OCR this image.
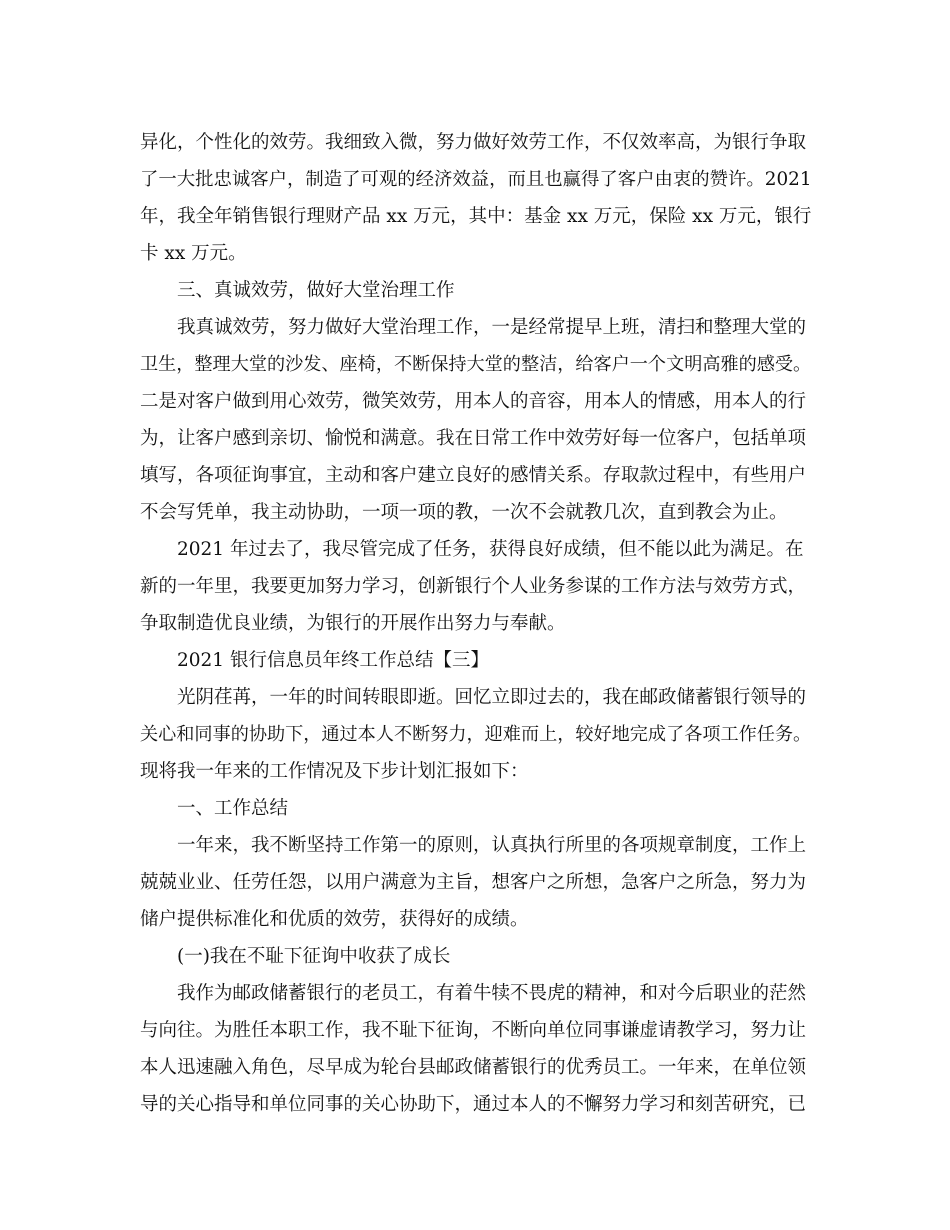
异化，个性化的效劳。我细致入微，努力做好效劳工作，不仅效率高，为银行争取

了一大批忠诚客户，制造了可观的经济效益，而且也赢得了客户由衷的赞许。2021

年，我全年销售银行理财产品 xx 万元，其中：基金 xx 万元，保险 xx 万元，银行

卡 xx 万元。

三、真诚效劳，做好大堂治理工作

我真诚效劳，努力做好大堂治理工作，一是经常提早上班，清扫和整理大堂的

卫生，整理大堂的沙发、座椅，不断保持大堂的整洁，给客户一个文明高雅的感受。

二是对客户做到用心效劳，微笑效劳，用本人的音容，用本人的情感，用本人的行

为，让客户感到亲切、愉悦和满意。我在日常工作中效劳好每一位客户，包括单项

填写，各项征询事宜，主动和客户建立良好的感情关系。存取款过程中，有些用户

不会写凭单，我主动协助，一项一项的教，一次不会就教几次，直到教会为止。

2021 年过去了，我尽管完成了任务，获得良好成绩，但不能以此为满足。在

新的一年里，我要更加努力学习，创新银行个人业务参谋的工作方法与效劳方式，

争取制造优良业绩，为银行的开展作出努力与奉献。

2021 银行信息员年终工作总结【三】

光阴荏苒，一年的时间转眼即逝。回忆立即过去的，我在邮政储蓄银行领导的

关心和同事的协助下，通过本人不断努力，迎难而上，较好地完成了各项工作任务。

现将我一年来的工作情况及下步计划汇报如下：

一、工作总结

一年来，我不断坚持工作第一的原则，认真执行所里的各项规章制度，工作上

兢兢业业、任劳任怨，以用户满意为主旨，想客户之所想，急客户之所急，努力为

储户提供标准化和优质的效劳，获得好的成绩。

(一)我在不耻下征询中收获了成长

我作为邮政储蓄银行的老员工，有着牛犊不畏虎的精神，和对今后职业的茫然

与向往。为胜任本职工作，我不耻下征询，不断向单位同事谦虚请教学习，努力让

本人迅速融入角色，尽早成为轮台县邮政储蓄银行的优秀员工。一年来，在单位领

导的关心指导和单位同事的关心协助下，通过本人的不懈努力学习和刻苦研究，已
